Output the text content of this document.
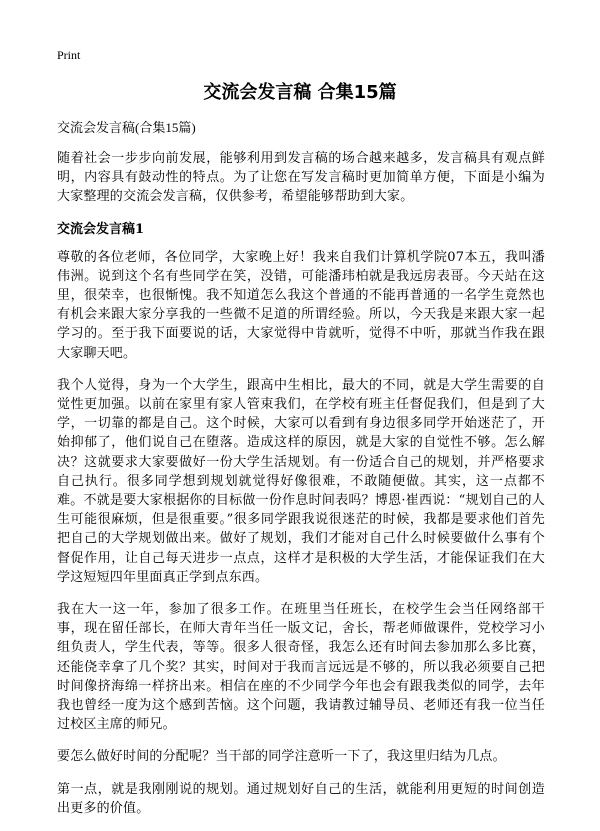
Print
交流会发言稿 合集15篇

交流会发言稿(合集15篇)

随着社会一步步向前发展，能够利用到发言稿的场合越来越多，发言稿具有观点鲜明，内容具有鼓动性的特点。为了让您在写发言稿时更加简单方便，下面是小编为大家整理的交流会发言稿，仅供参考，希望能够帮助到大家。

交流会发言稿1

尊敬的各位老师，各位同学，大家晚上好！我来自我们计算机学院07本五，我叫潘伟洲。说到这个名有些同学在笑，没错，可能潘玮柏就是我远房表哥。今天站在这里，很荣幸，也很惭愧。我不知道怎么我这个普通的不能再普通的一名学生竟然也有机会来跟大家分享我的一些微不足道的所谓经验。所以，今天我是来跟大家一起学习的。至于我下面要说的话，大家觉得中肯就听，觉得不中听，那就当作我在跟大家聊天吧。

我个人觉得，身为一个大学生，跟高中生相比，最大的不同，就是大学生需要的自觉性更加强。以前在家里有家人管束我们，在学校有班主任督促我们，但是到了大学，一切靠的都是自己。这个时候，大家可以看到有身边很多同学开始迷茫了，开始抑郁了，他们说自己在堕落。造成这样的原因，就是大家的自觉性不够。怎么解决？这就要求大家要做好一份大学生活规划。有一份适合自己的规划，并严格要求自己执行。很多同学想到规划就觉得好像很难，不敢随便做。其实，这一点都不难。不就是要大家根据你的目标做一份作息时间表吗？博恩·崔西说：“规划自己的人生可能很麻烦，但是很重要。”很多同学跟我说很迷茫的时候，我都是要求他们首先把自己的大学规划做出来。做好了规划，我们才能对自己什么时候要做什么事有个督促作用，让自己每天进步一点点，这样才是积极的大学生活，才能保证我们在大学这短短四年里面真正学到点东西。

我在大一这一年，参加了很多工作。在班里当任班长，在校学生会当任网络部干事，现在留任部长，在师大青年当任一版文记，舍长，帮老师做课件，党校学习小组负责人，学生代表，等等。很多人很奇怪，我怎么还有时间去参加那么多比赛，还能侥幸拿了几个奖？其实，时间对于我而言远远是不够的，所以我必须要自己把时间像挤海绵一样挤出来。相信在座的不少同学今年也会有跟我类似的同学，去年我也曾经一度为这个感到苦恼。这个问题，我请教过辅导员、老师还有我一位当任过校区主席的师兄。

要怎么做好时间的分配呢？当干部的同学注意听一下了，我这里归结为几点。

第一点，就是我刚刚说的规划。通过规划好自己的生活，就能利用更短的时间创造出更多的价值。
